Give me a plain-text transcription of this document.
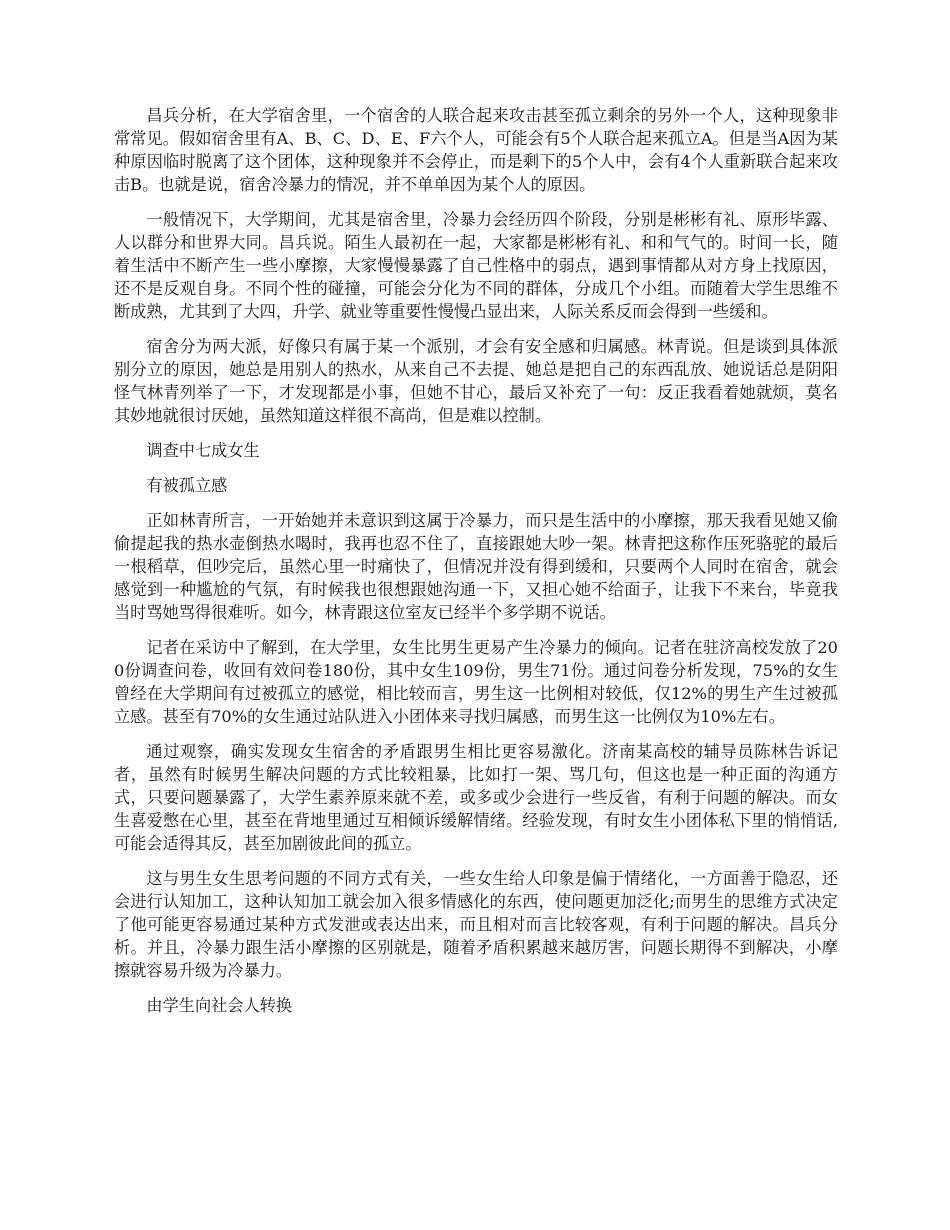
昌兵分析，在大学宿舍里，一个宿舍的人联合起来攻击甚至孤立剩余的另外一个人，这种现象非常常见。假如宿舍里有A、B、C、D、E、F六个人，可能会有5个人联合起来孤立A。但是当A因为某种原因临时脱离了这个团体，这种现象并不会停止，而是剩下的5个人中，会有4个人重新联合起来攻击B。也就是说，宿舍冷暴力的情况，并不单单因为某个人的原因。

一般情况下，大学期间，尤其是宿舍里，冷暴力会经历四个阶段，分别是彬彬有礼、原形毕露、人以群分和世界大同。昌兵说。陌生人最初在一起，大家都是彬彬有礼、和和气气的。时间一长，随着生活中不断产生一些小摩擦，大家慢慢暴露了自己性格中的弱点，遇到事情都从对方身上找原因，还不是反观自身。不同个性的碰撞，可能会分化为不同的群体，分成几个小组。而随着大学生思维不断成熟，尤其到了大四，升学、就业等重要性慢慢凸显出来，人际关系反而会得到一些缓和。

宿舍分为两大派，好像只有属于某一个派别，才会有安全感和归属感。林青说。但是谈到具体派别分立的原因，她总是用别人的热水，从来自己不去提、她总是把自己的东西乱放、她说话总是阴阳怪气林青列举了一下，才发现都是小事，但她不甘心，最后又补充了一句：反正我看着她就烦，莫名其妙地就很讨厌她，虽然知道这样很不高尚，但是难以控制。

调查中七成女生

有被孤立感

正如林青所言，一开始她并未意识到这属于冷暴力，而只是生活中的小摩擦，那天我看见她又偷偷提起我的热水壶倒热水喝时，我再也忍不住了，直接跟她大吵一架。林青把这称作压死骆驼的最后一根稻草，但吵完后，虽然心里一时痛快了，但情况并没有得到缓和，只要两个人同时在宿舍，就会感觉到一种尴尬的气氛，有时候我也很想跟她沟通一下，又担心她不给面子，让我下不来台，毕竟我当时骂她骂得很难听。如今，林青跟这位室友已经半个多学期不说话。

记者在采访中了解到，在大学里，女生比男生更易产生冷暴力的倾向。记者在驻济高校发放了200份调查问卷，收回有效问卷180份，其中女生109份，男生71份。通过问卷分析发现，75%的女生曾经在大学期间有过被孤立的感觉，相比较而言，男生这一比例相对较低，仅12%的男生产生过被孤立感。甚至有70%的女生通过站队进入小团体来寻找归属感，而男生这一比例仅为10%左右。

通过观察，确实发现女生宿舍的矛盾跟男生相比更容易激化。济南某高校的辅导员陈林告诉记者，虽然有时候男生解决问题的方式比较粗暴，比如打一架、骂几句，但这也是一种正面的沟通方式，只要问题暴露了，大学生素养原来就不差，或多或少会进行一些反省，有利于问题的解决。而女生喜爱憋在心里，甚至在背地里通过互相倾诉缓解情绪。经验发现，有时女生小团体私下里的悄悄话,可能会适得其反，甚至加剧彼此间的孤立。

这与男生女生思考问题的不同方式有关，一些女生给人印象是偏于情绪化，一方面善于隐忍，还会进行认知加工，这种认知加工就会加入很多情感化的东西，使问题更加泛化;而男生的思维方式决定了他可能更容易通过某种方式发泄或表达出来，而且相对而言比较客观，有利于问题的解决。昌兵分析。并且，冷暴力跟生活小摩擦的区别就是，随着矛盾积累越来越厉害，问题长期得不到解决，小摩擦就容易升级为冷暴力。

由学生向社会人转换
